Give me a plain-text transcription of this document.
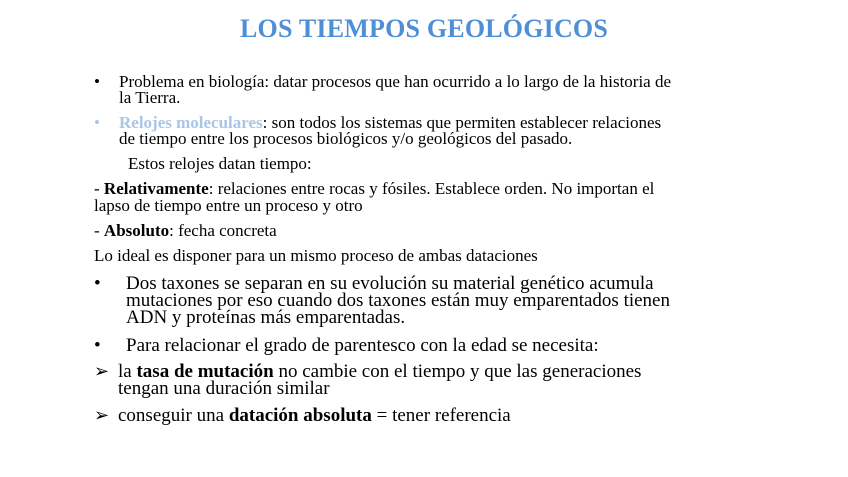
LOS TIEMPOS GEOLÓGICOS
• Problema en biología: datar procesos que han ocurrido a lo largo de la historia de
la Tierra.
• Relojes moleculares: son todos los sistemas que permiten establecer relaciones
de tiempo entre los procesos biológicos y/o geológicos del pasado.
Estos relojes datan tiempo:
- Relativamente: relaciones entre rocas y fósiles. Establece orden. No importan el
lapso de tiempo entre un proceso y otro
- Absoluto: fecha concreta
Lo ideal es disponer para un mismo proceso de ambas dataciones
• Dos taxones se separan en su evolución su material genético acumula
mutaciones por eso cuando dos taxones están muy emparentados tienen
ADN y proteínas más emparentadas.
• Para relacionar el grado de parentesco con la edad se necesita:
➢ la tasa de mutación no cambie con el tiempo y que las generaciones
tengan una duración similar
➢ conseguir una datación absoluta = tener referencia
